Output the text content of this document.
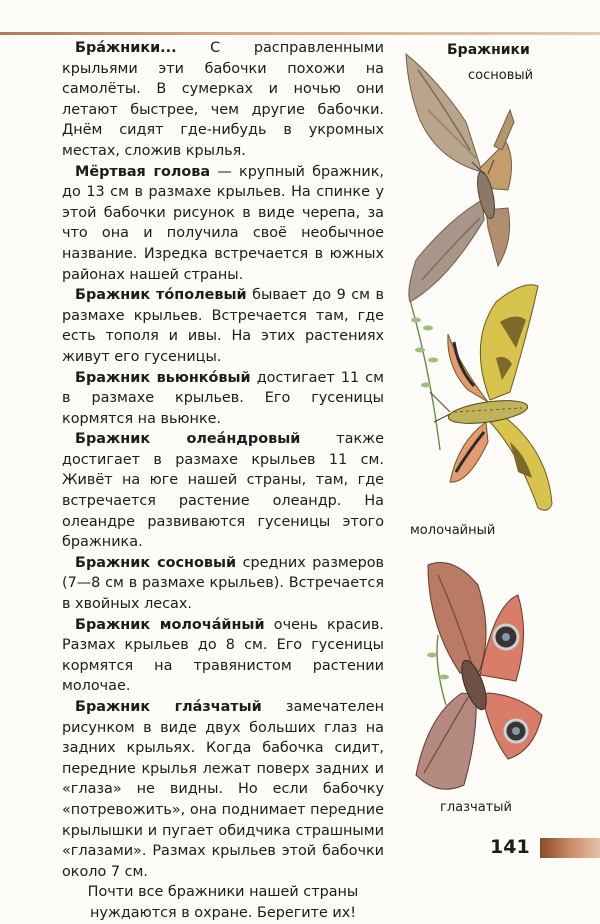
Бра́жники... С расправленными крыльями эти бабочки похожи на самолёты. В сумерках и ночью они летают быстрее, чем другие бабочки. Днём сидят где-нибудь в укромных местах, сложив крылья.

Мёртвая голова — крупный бражник, до 13 см в размахе крыльев. На спинке у этой бабочки рисунок в виде черепа, за что она и получила своё необычное название. Изредка встречается в южных районах нашей страны.

Бражник то́полевый бывает до 9 см в размахе крыльев. Встречается там, где есть тополя и ивы. На этих растениях живут его гусеницы.

Бражник вьюнко́вый достигает 11 см в размахе крыльев. Его гусеницы кормятся на вьюнке.

Бражник олеа́ндровый также достигает в размахе крыльев 11 см. Живёт на юге нашей страны, там, где встречается растение олеандр. На олеандре развиваются гусеницы этого бражника.

Бражник сосновый средних размеров (7—8 см в размахе крыльев). Встречается в хвойных лесах.

Бражник молоча́йный очень красив. Размах крыльев до 8 см. Его гусеницы кормятся на травянистом растении молочае.

Бражник гла́зчатый замечателен рисунком в виде двух больших глаз на задних крыльях. Когда бабочка сидит, передние крылья лежат поверх задних и «глаза» не видны. Но если бабочку «потревожить», она поднимает передние крылышки и пугает обидчика страшными «глазами». Размах крыльев этой бабочки около 7 см.

Почти все бражники нашей страны нуждаются в охране. Берегите их!

Бражники
сосновый
молочайный
глазчатый
141
